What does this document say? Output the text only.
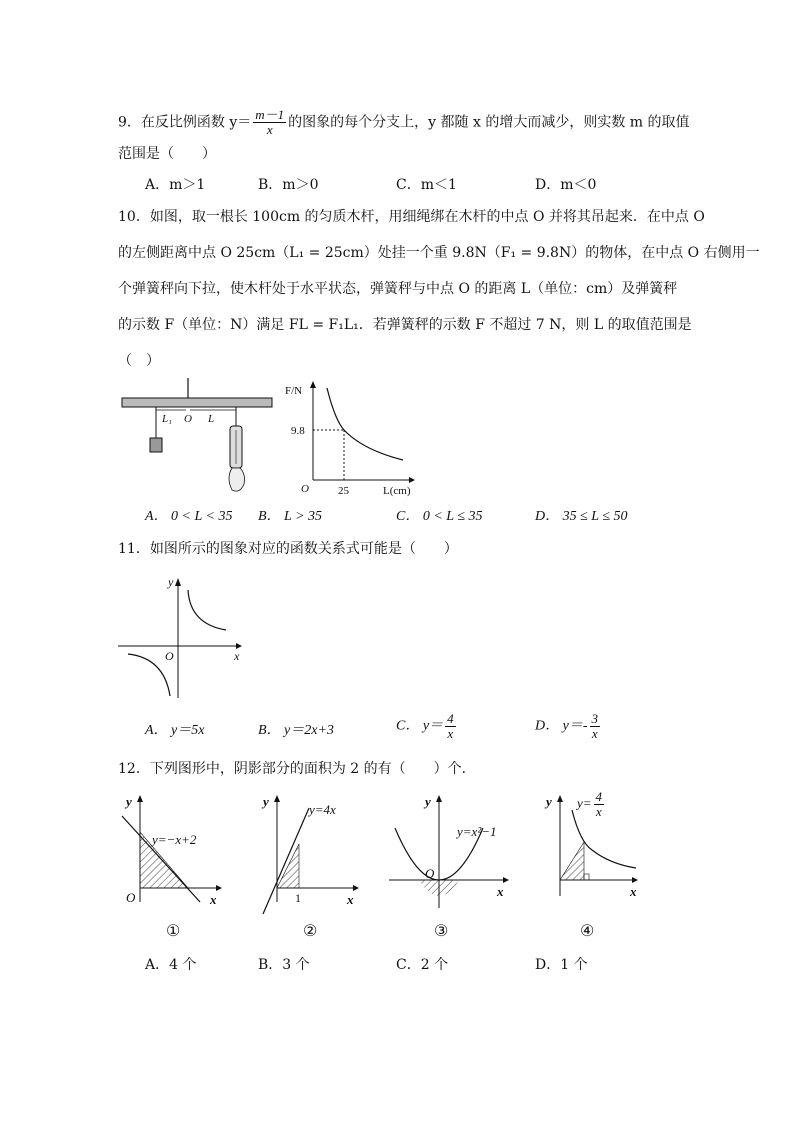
9．在反比例函数 $y= \frac{m-1}{x}$ 的图象的每个分支上，y 都随 x 的增大而减少，则实数 m 的取值
范围是（　　）
A．m＞1	B．m＞0	C．m＜1	D．m＜0
10．如图，取一根长 100cm 的匀质木杆，用细绳绑在木杆的中点 O 并将其吊起来．在中点 O
的左侧距离中点 O 25cm（L₁ = 25cm）处挂一个重 9.8N（F₁ = 9.8N）的物体，在中点 O 右侧用一
个弹簧秤向下拉，使木杆处于水平状态，弹簧秤与中点 O 的距离 L（单位：cm）及弹簧秤
的示数 F（单位：N）满足 FL = F₁L₁．若弹簧秤的示数 F 不超过 7 N，则 L 的取值范围是
（　）
L₁ O L
F/N
9.8
25	L(cm)
O
A． 0 < L < 35 B． L > 35	C． 0 < L ≤ 35	D． 35 ≤ L ≤ 50
11．如图所示的图象对应的函数关系式可能是（　　）
y
x
O
A． y＝5x	B． y＝2x+3	C． $y= \frac{4}{x}$	D． $y=- \frac{3}{x}$
12．下列图形中，阴影部分的面积为 2 的有（　　）个．
y=−x+2
y
x
O
①
y=4x
1
y
x
②
y=x²−1
y
x
O
③
y
x
$y= \frac{4}{x}$
④
A．4 个	B．3 个	C．2 个	D．1 个
